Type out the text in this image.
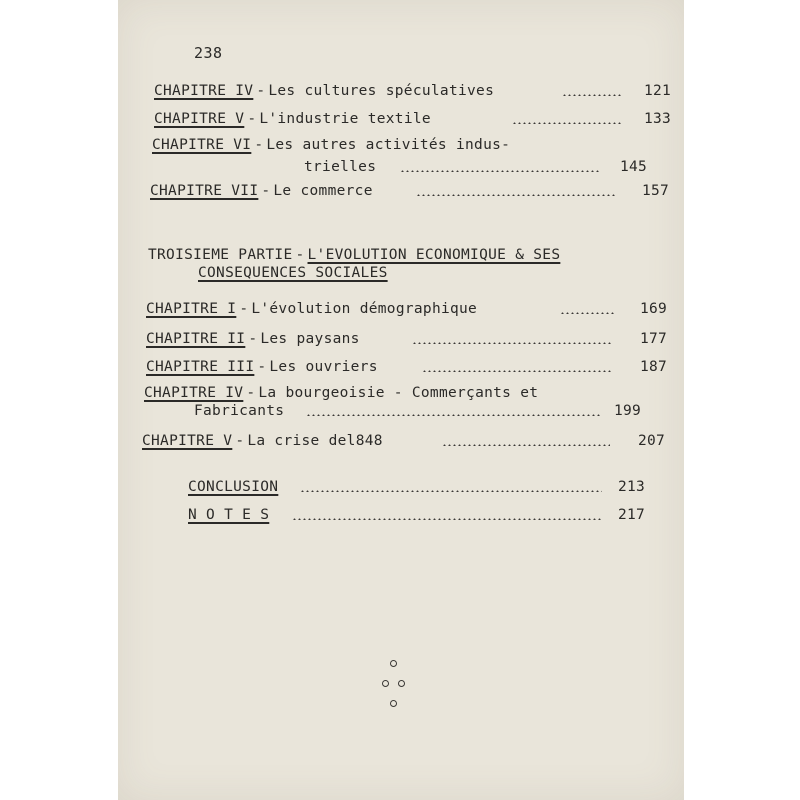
238
CHAPITRE IV - Les cultures spéculatives	121
CHAPITRE V - L'industrie textile	133
CHAPITRE VI - Les autres activités indus-
trielles	145
CHAPITRE VII - Le commerce	157
TROISIEME PARTIE - L'EVOLUTION ECONOMIQUE & SES
CONSEQUENCES SOCIALES
CHAPITRE I - L'évolution démographique	169
CHAPITRE II - Les paysans	177
CHAPITRE III - Les ouvriers	187
CHAPITRE IV - La bourgeoisie - Commerçants et
Fabricants	199
CHAPITRE V - La crise del848	207
CONCLUSION	213
N O T E S	217
